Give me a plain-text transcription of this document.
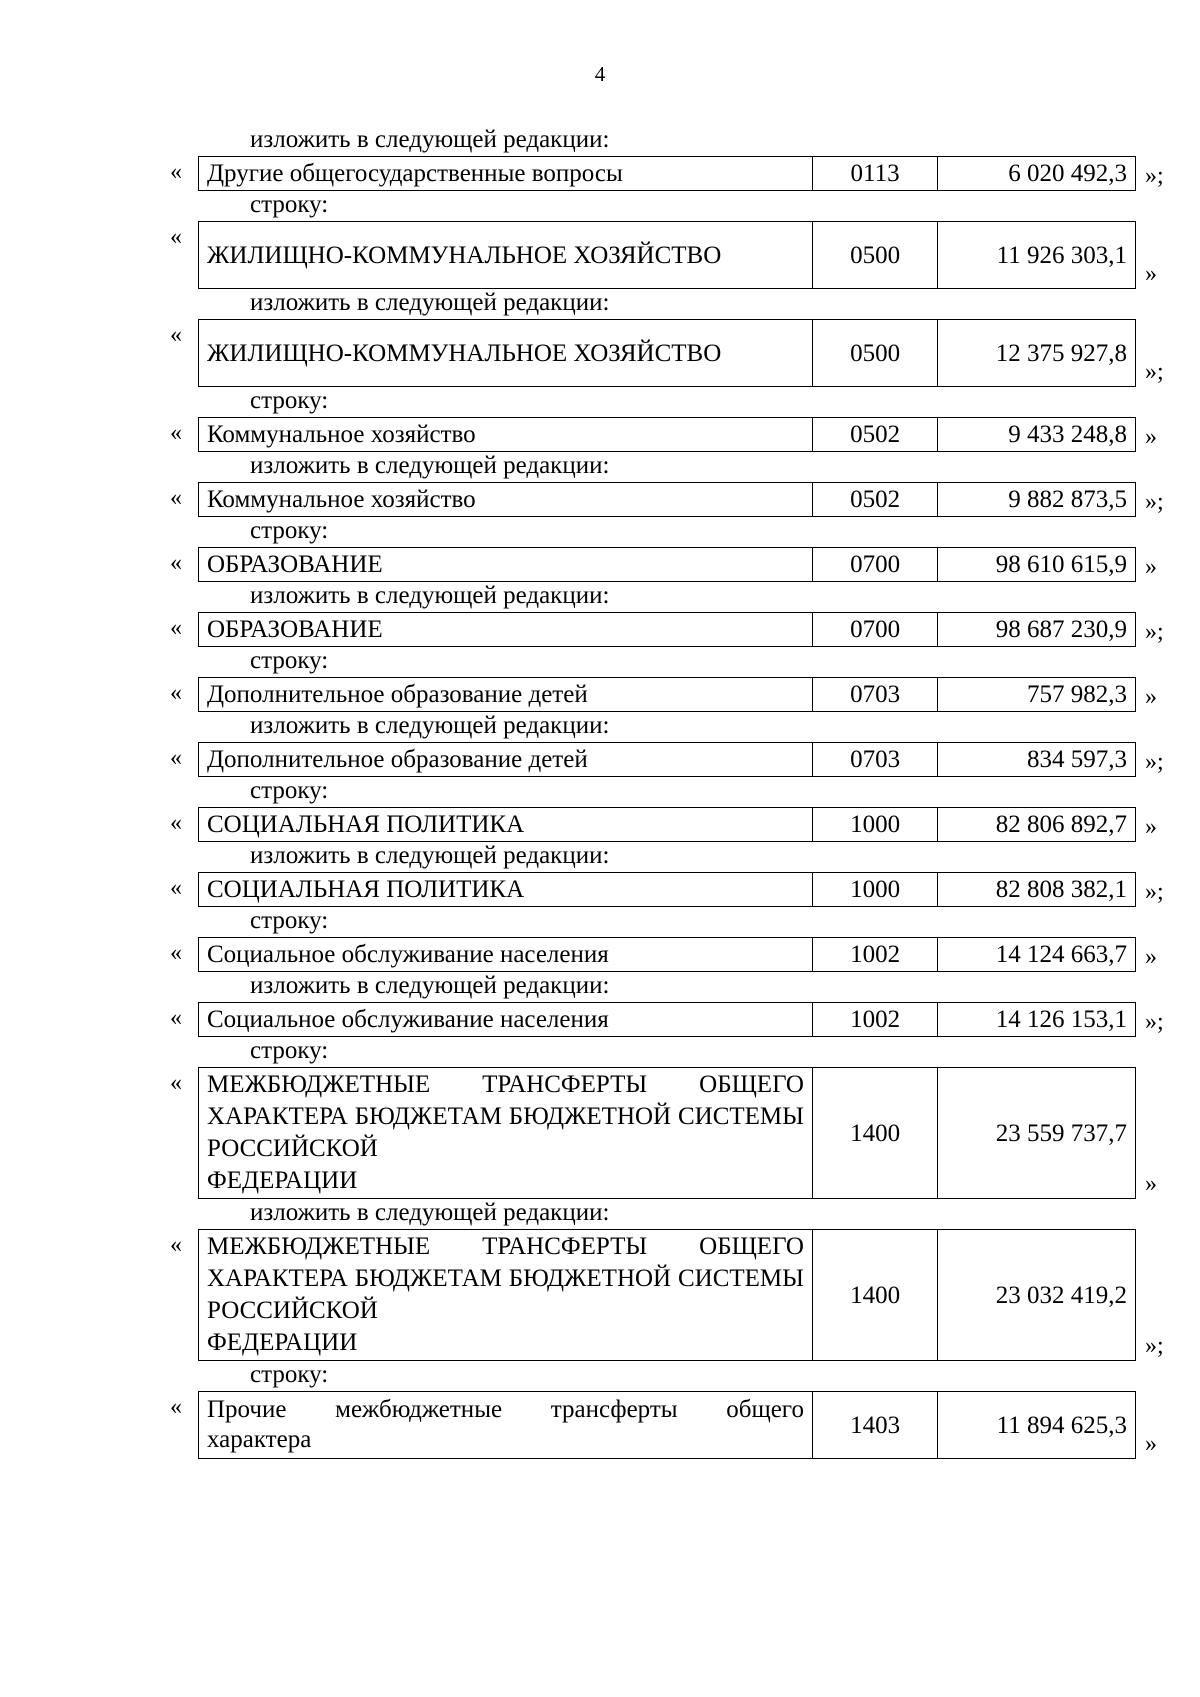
4
изложить в следующей редакции:
« Другие общегосударственные вопросы	0113	6 020 492,3 »;
строку:
«
ЖИЛИЩНО-КОММУНАЛЬНОЕ ХОЗЯЙСТВО	0500	11 926 303,1
»
изложить в следующей редакции:
«
ЖИЛИЩНО-КОММУНАЛЬНОЕ ХОЗЯЙСТВО	0500	12 375 927,8
»;
строку:
« Коммунальное хозяйство	0502	9 433 248,8 »
изложить в следующей редакции:
« Коммунальное хозяйство	0502	9 882 873,5 »;
строку:
« ОБРАЗОВАНИЕ	0700	98 610 615,9 »
изложить в следующей редакции:
« ОБРАЗОВАНИЕ	0700	98 687 230,9 »;
строку:
« Дополнительное образование детей	0703	757 982,3 »
изложить в следующей редакции:
« Дополнительное образование детей	0703	834 597,3 »;
строку:
« СОЦИАЛЬНАЯ ПОЛИТИКА	1000	82 806 892,7 »
изложить в следующей редакции:
« СОЦИАЛЬНАЯ ПОЛИТИКА	1000	82 808 382,1 »;
строку:
« Социальное обслуживание населения	1002	14 124 663,7 »
изложить в следующей редакции:
« Социальное обслуживание населения	1002	14 126 153,1 »;
строку:
« МЕЖБЮДЖЕТНЫЕ ТРАНСФЕРТЫ ОБЩЕГО ХАРАКТЕРА БЮДЖЕТАМ БЮДЖЕТНОЙ СИСТЕМЫ РОССИЙСКОЙ
ФЕДЕРАЦИИ
	1400	23 559 737,7
»
изложить в следующей редакции:
« МЕЖБЮДЖЕТНЫЕ ТРАНСФЕРТЫ ОБЩЕГО ХАРАКТЕРА БЮДЖЕТАМ БЮДЖЕТНОЙ СИСТЕМЫ РОССИЙСКОЙ
ФЕДЕРАЦИИ
	1400	23 032 419,2
»;
строку:
« Прочие межбюджетные трансферты общего
характера
	1403	11 894 625,3
»
